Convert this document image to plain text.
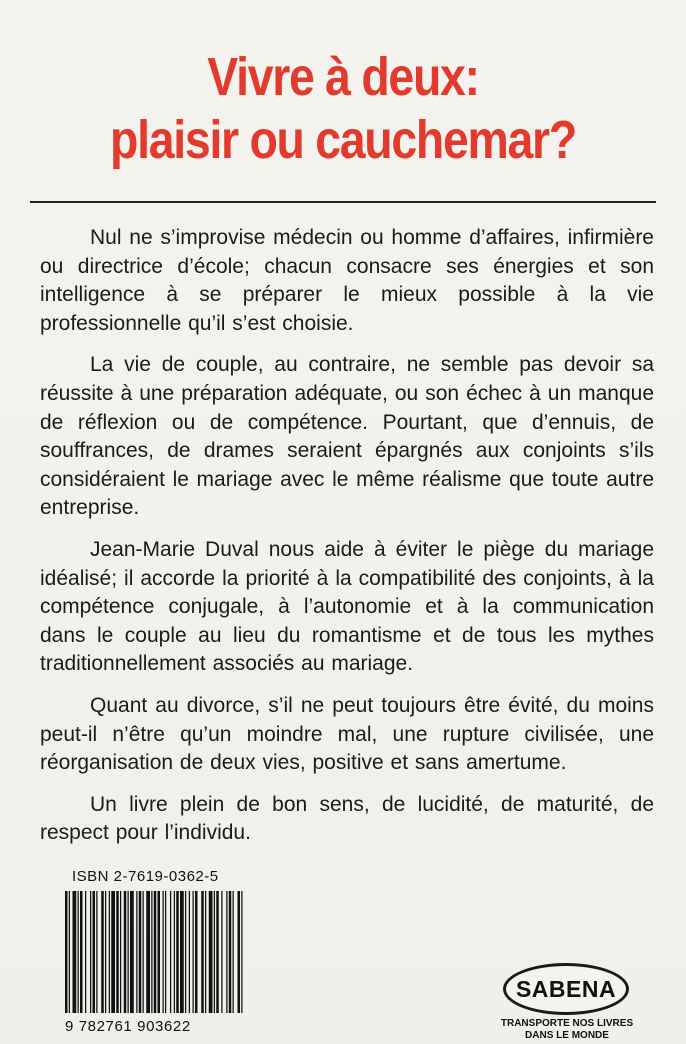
Vivre à deux:
plaisir ou cauchemar?

Nul ne s’improvise médecin ou homme d’affaires, infirmière ou directrice d’école; chacun consacre ses énergies et son intelligence à se préparer le mieux possible à la vie professionnelle qu’il s’est choisie.

La vie de couple, au contraire, ne semble pas devoir sa réussite à une préparation adéquate, ou son échec à un manque de réflexion ou de compétence. Pourtant, que d’ennuis, de souffrances, de drames seraient épargnés aux conjoints s’ils considéraient le mariage avec le même réalisme que toute autre entreprise.

Jean-Marie Duval nous aide à éviter le piège du mariage idéalisé; il accorde la priorité à la compatibilité des conjoints, à la compétence conjugale, à l’autonomie et à la communication dans le couple au lieu du romantisme et de tous les mythes traditionnellement associés au mariage.

Quant au divorce, s’il ne peut toujours être évité, du moins peut-il n’être qu’un moindre mal, une rupture civilisée, une réorganisation de deux vies, positive et sans amertume.

Un livre plein de bon sens, de lucidité, de maturité, de respect pour l’individu.

ISBN 2-7619-0362-5
9 782761 903622
SABENA
TRANSPORTE NOS LIVRES
DANS LE MONDE
